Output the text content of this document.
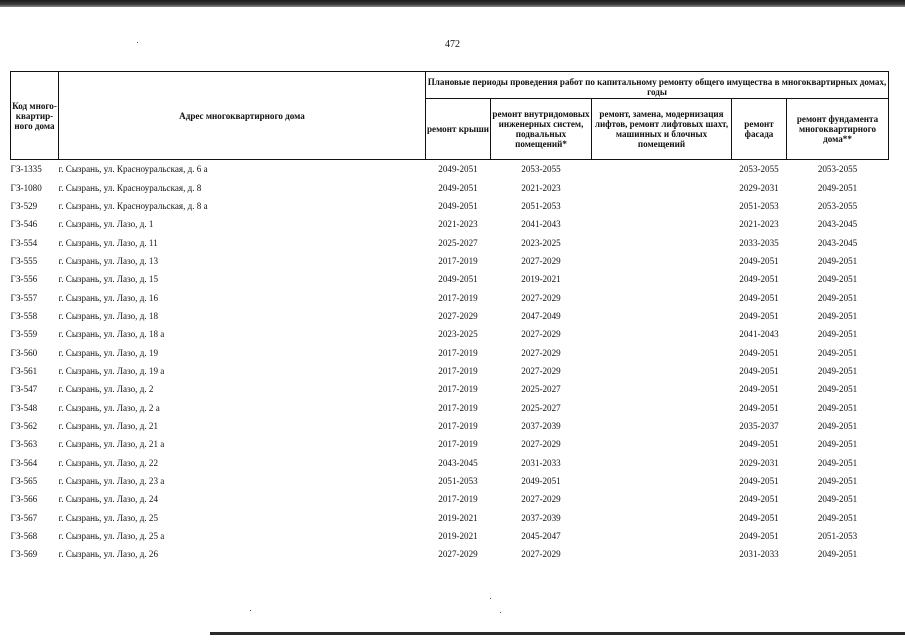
472
Код много-квартир-ного дома	Адрес многоквартирного дома	Плановые периоды проведения работ по капитальному ремонту общего имущества в многоквартирных домах, годы				
		ремонт крыши	ремонт внутридомовых инженерных систем, подвальных помещений*	ремонт, замена, модернизация лифтов, ремонт лифтовых шахт, машинных и блочных помещений	ремонт фасада	ремонт фундамента многоквартирного дома**
ГЗ-1335	г. Сызрань, ул. Красноуральская, д. 6 а	2049-2051	2053-2055		2053-2055	2053-2055
ГЗ-1080	г. Сызрань, ул. Красноуральская, д. 8	2049-2051	2021-2023		2029-2031	2049-2051
ГЗ-529	г. Сызрань, ул. Красноуральская, д. 8 а	2049-2051	2051-2053		2051-2053	2053-2055
ГЗ-546	г. Сызрань, ул. Лазо, д. 1	2021-2023	2041-2043		2021-2023	2043-2045
ГЗ-554	г. Сызрань, ул. Лазо, д. 11	2025-2027	2023-2025		2033-2035	2043-2045
ГЗ-555	г. Сызрань, ул. Лазо, д. 13	2017-2019	2027-2029		2049-2051	2049-2051
ГЗ-556	г. Сызрань, ул. Лазо, д. 15	2049-2051	2019-2021		2049-2051	2049-2051
ГЗ-557	г. Сызрань, ул. Лазо, д. 16	2017-2019	2027-2029		2049-2051	2049-2051
ГЗ-558	г. Сызрань, ул. Лазо, д. 18	2027-2029	2047-2049		2049-2051	2049-2051
ГЗ-559	г. Сызрань, ул. Лазо, д. 18 а	2023-2025	2027-2029		2041-2043	2049-2051
ГЗ-560	г. Сызрань, ул. Лазо, д. 19	2017-2019	2027-2029		2049-2051	2049-2051
ГЗ-561	г. Сызрань, ул. Лазо, д. 19 а	2017-2019	2027-2029		2049-2051	2049-2051
ГЗ-547	г. Сызрань, ул. Лазо, д. 2	2017-2019	2025-2027		2049-2051	2049-2051
ГЗ-548	г. Сызрань, ул. Лазо, д. 2 а	2017-2019	2025-2027		2049-2051	2049-2051
ГЗ-562	г. Сызрань, ул. Лазо, д. 21	2017-2019	2037-2039		2035-2037	2049-2051
ГЗ-563	г. Сызрань, ул. Лазо, д. 21 а	2017-2019	2027-2029		2049-2051	2049-2051
ГЗ-564	г. Сызрань, ул. Лазо, д. 22	2043-2045	2031-2033		2029-2031	2049-2051
ГЗ-565	г. Сызрань, ул. Лазо, д. 23 а	2051-2053	2049-2051		2049-2051	2049-2051
ГЗ-566	г. Сызрань, ул. Лазо, д. 24	2017-2019	2027-2029		2049-2051	2049-2051
ГЗ-567	г. Сызрань, ул. Лазо, д. 25	2019-2021	2037-2039		2049-2051	2049-2051
ГЗ-568	г. Сызрань, ул. Лазо, д. 25 а	2019-2021	2045-2047		2049-2051	2051-2053
ГЗ-569	г. Сызрань, ул. Лазо, д. 26	2027-2029	2027-2029		2031-2033	2049-2051
